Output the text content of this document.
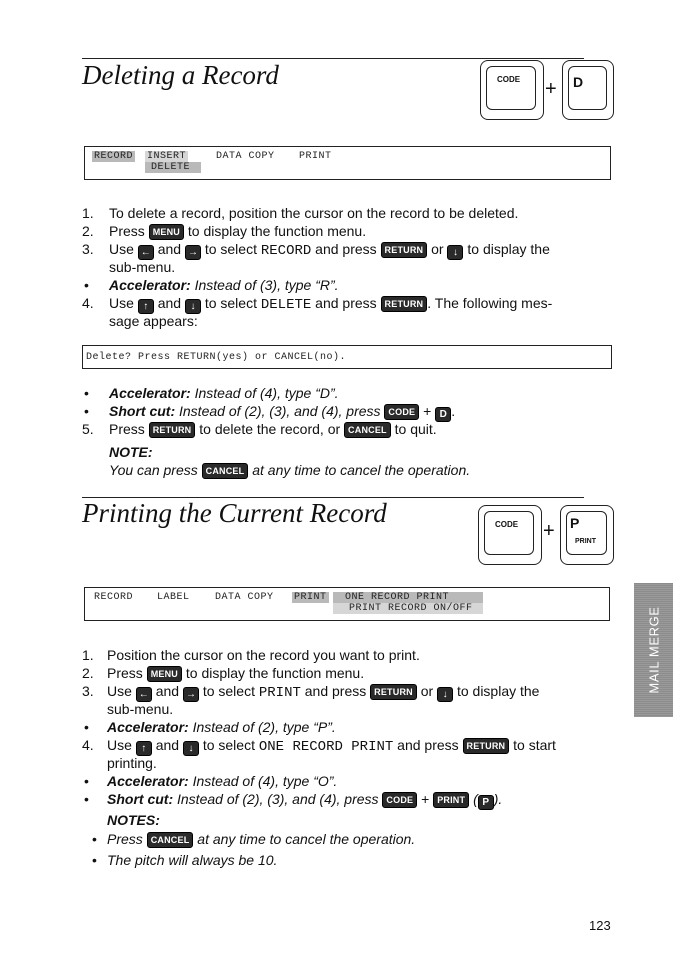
Deleting a Record	CODE + D
RECORD INSERT
DELETE
DATA COPY PRINT
1. To delete a record, position the cursor on the record to be deleted.
2. Press MENU to display the function menu.
3. Use ← and → to select RECORD and press RETURN or ↓ to display the
sub-menu.
• Accelerator: Instead of (3), type “R”.
4. Use ↑ and ↓ to select DELETE and press RETURN . The following mes-
sage appears:
Delete? Press RETURN(yes) or CANCEL(no).
• Accelerator: Instead of (4), type “D”.
• Short cut: Instead of (2), (3), and (4), press CODE + D .
5. Press RETURN to delete the record, or CANCEL to quit.
NOTE:
You can press CANCEL at any time to cancel the operation.
Printing the Current Record	CODE + P
PRINT
RECORD LABEL	DATA COPY PRINT	ONE RECORD PRINT
PRINT RECORD ON/OFF
1. Position the cursor on the record you want to print.
2. Press MENU to display the function menu.
3. Use ← and → to select PRINT and press RETURN or ↓ to display the
sub-menu.
• Accelerator: Instead of (2), type “P”.
4. Use ↑ and ↓ to select ONE RECORD PRINT and press RETURN to start
printing.
• Accelerator: Instead of (4), type “O”.
• Short cut: Instead of (2), (3), and (4), press CODE + PRINT ( P ).
NOTES:
• Press CANCEL at any time to cancel the operation.
• The pitch will always be 10.
MAIL MERGE
123
